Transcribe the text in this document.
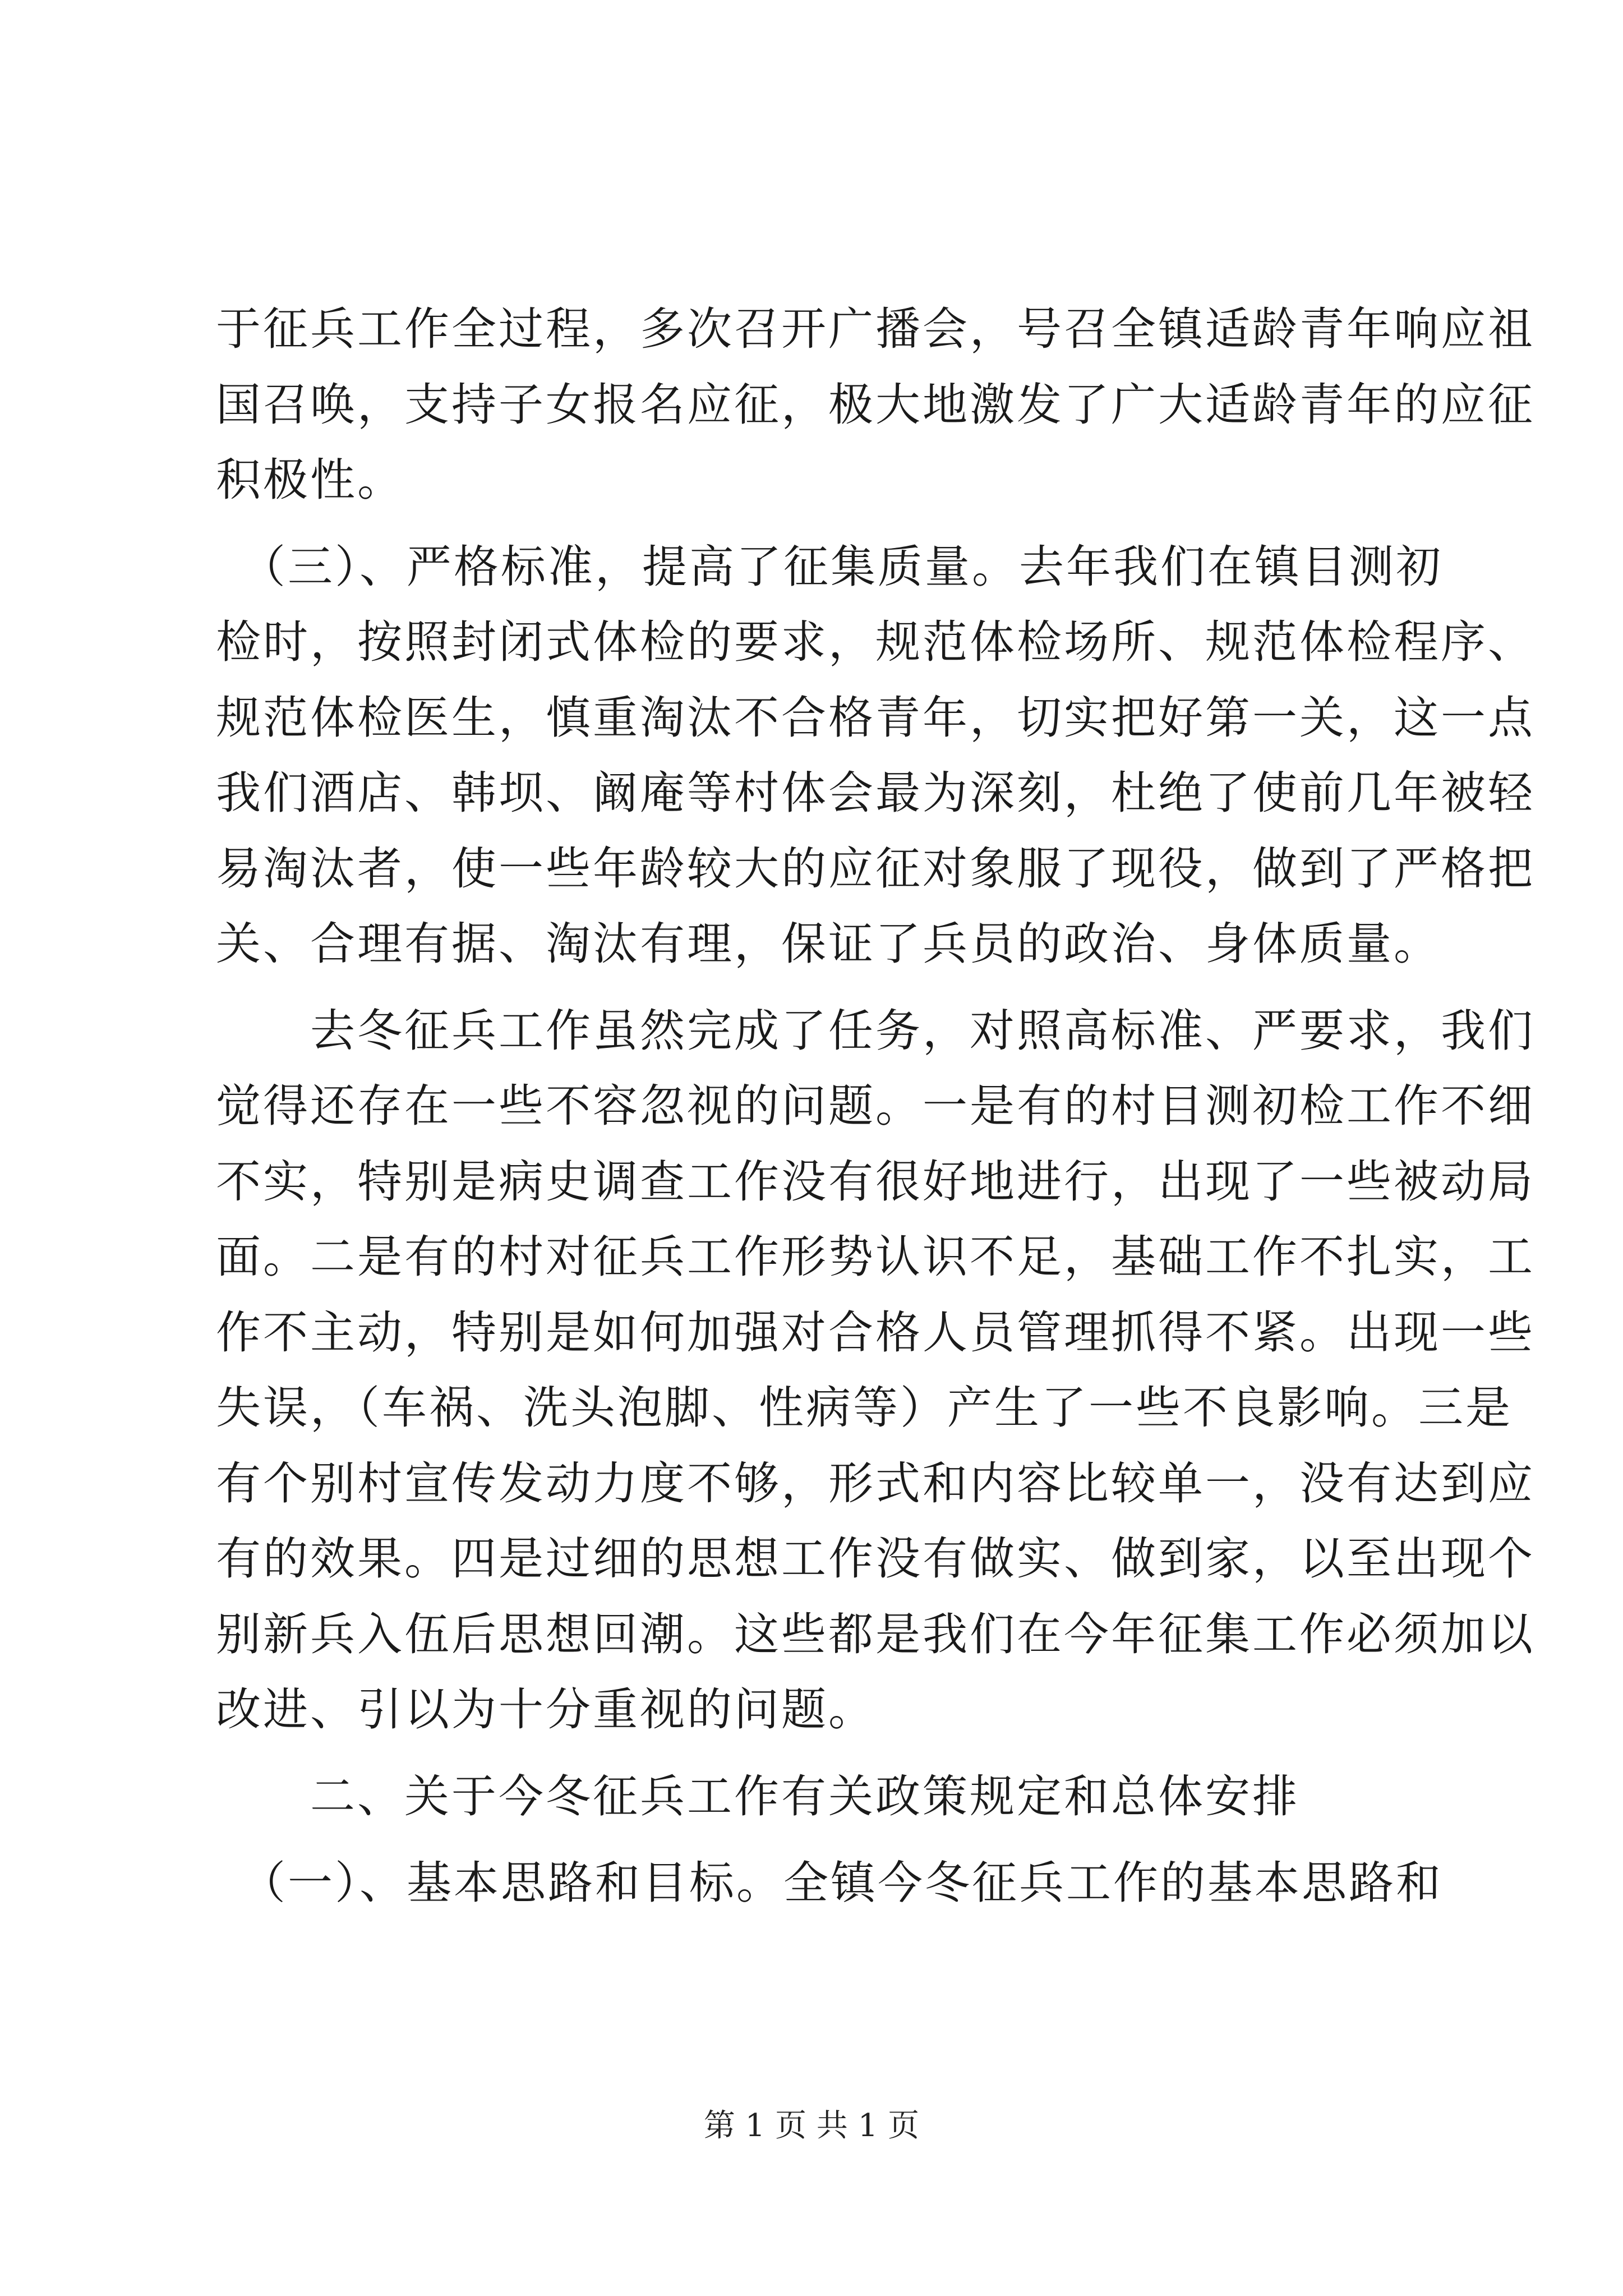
于征兵工作全过程，多次召开广播会，号召全镇适龄青年响应祖
国召唤，支持子女报名应征，极大地激发了广大适龄青年的应征
积极性。
　（三）、严格标准，提高了征集质量。去年我们在镇目测初
检时，按照封闭式体检的要求，规范体检场所、规范体检程序、
规范体检医生，慎重淘汰不合格青年，切实把好第一关，这一点
我们酒店、韩坝、阚庵等村体会最为深刻，杜绝了使前几年被轻
易淘汰者，使一些年龄较大的应征对象服了现役，做到了严格把
关、合理有据、淘汰有理，保证了兵员的政治、身体质量。
　　去冬征兵工作虽然完成了任务，对照高标准、严要求，我们
觉得还存在一些不容忽视的问题。一是有的村目测初检工作不细
不实，特别是病史调查工作没有很好地进行，出现了一些被动局
面。二是有的村对征兵工作形势认识不足，基础工作不扎实，工
作不主动，特别是如何加强对合格人员管理抓得不紧。出现一些
失误，（车祸、洗头泡脚、性病等）产生了一些不良影响。三是
有个别村宣传发动力度不够，形式和内容比较单一，没有达到应
有的效果。四是过细的思想工作没有做实、做到家，以至出现个
别新兵入伍后思想回潮。这些都是我们在今年征集工作必须加以
改进、引以为十分重视的问题。
　　二、关于今冬征兵工作有关政策规定和总体安排
　（一）、基本思路和目标。全镇今冬征兵工作的基本思路和
第 1 页 共 1 页
